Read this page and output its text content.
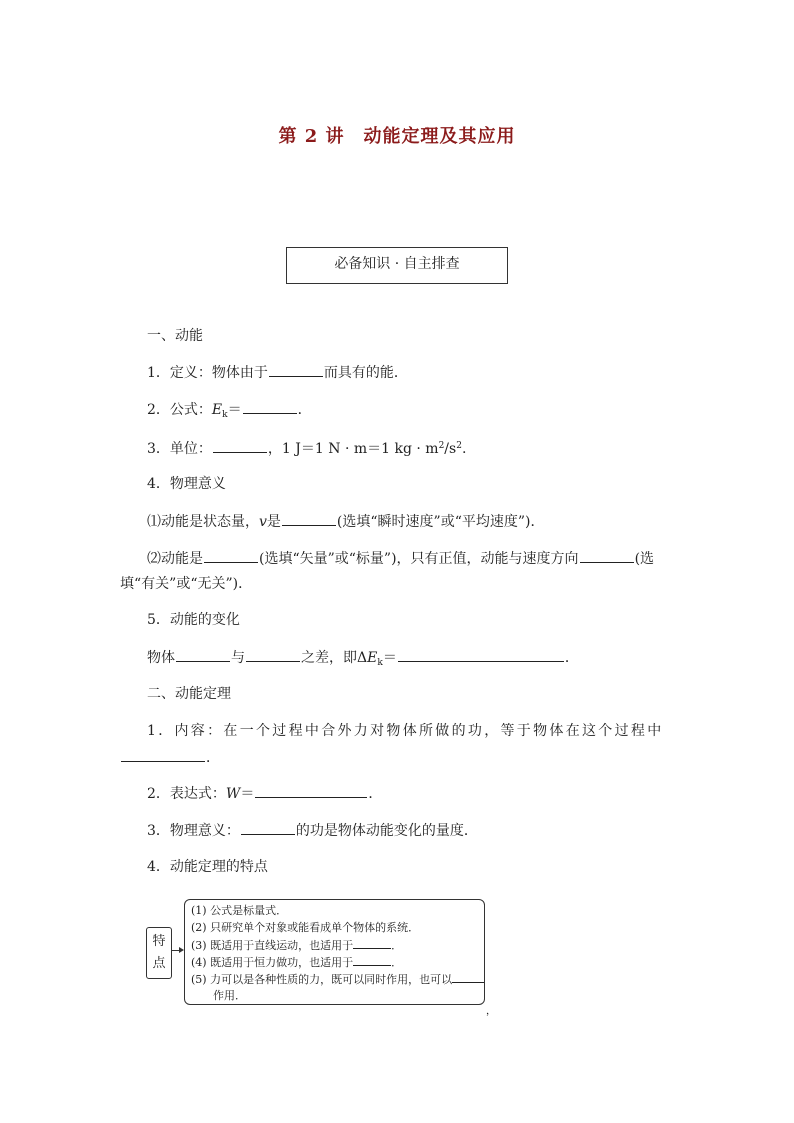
第 2 讲　动能定理及其应用
必备知识 · 自主排查
一、动能
1．定义：物体由于	而具有的能．
2．公式：$E_k=$	．
3．单位：	，1 J＝1 N · m＝1 kg · $m^2/s^2$.
4．物理意义
⑴动能是状态量，v是	(选填“瞬时速度”或“平均速度”)．
⑵动能是	(选填“矢量”或“标量”)，只有正值，动能与速度方向	(选
填“有关”或“无关”)．
5．动能的变化
物体	与	之差，即$\Delta E_k=$	．
二、动能定理
1．内容：在一个过程中合外力对物体所做的功，等于物体在这个过程中
．
2．表达式：W＝	．
3．物理意义：	的功是物体动能变化的量度．
4．动能定理的特点
特
点
(1) 公式是标量式．
(2) 只研究单个对象或能看成单个物体的系统．
(3) 既适用于直线运动，也适用于	．
(4) 既适用于恒力做功，也适用于	．
(5) 力可以是各种性质的力，既可以同时作用，也可以
作用．
，
